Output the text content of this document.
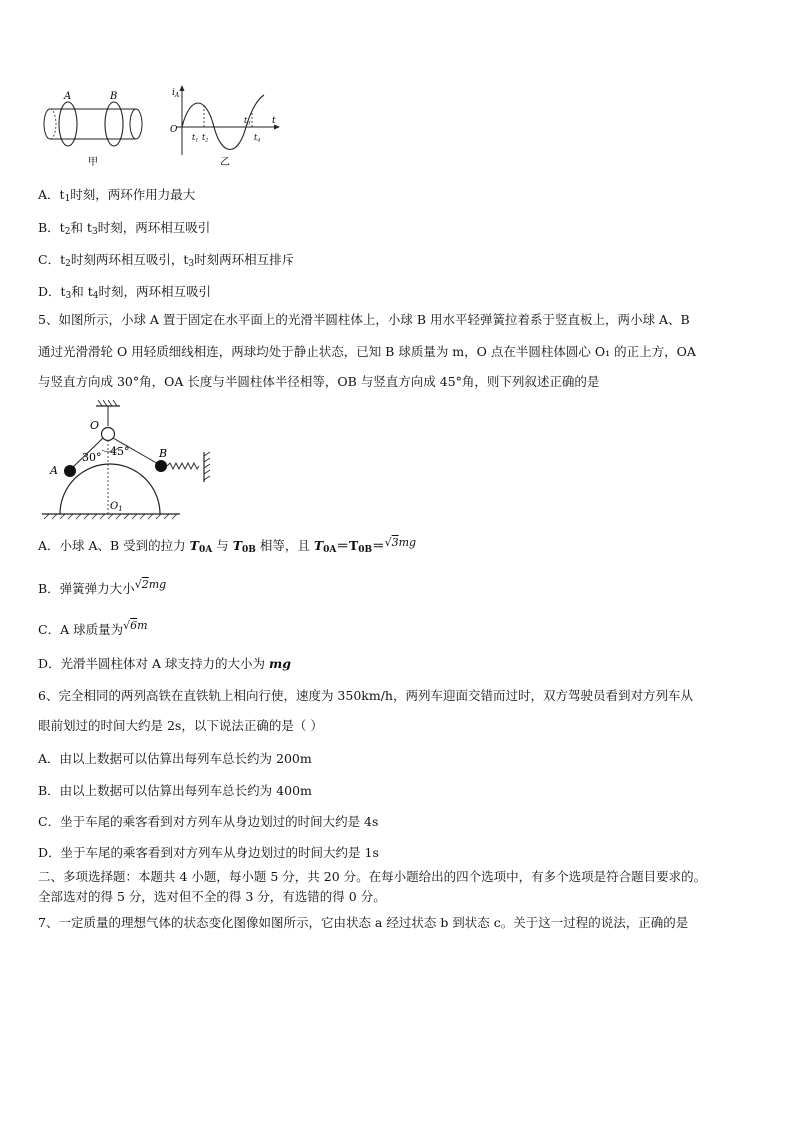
A	B
甲
$i_A$
t
O
t1 t2
t3
t4
乙
A．$t_1$时刻，两环作用力最大
B．$t_2$和 $t_3$时刻，两环相互吸引
C．$t_2$时刻两环相互吸引，$t_3$时刻两环相互排斥
D．$t_3$和 $t_4$时刻，两环相互吸引
5、如图所示，小球 A 置于固定在水平面上的光滑半圆柱体上，小球 B 用水平轻弹簧拉着系于竖直板上，两小球 A、B
通过光滑滑轮 O 用轻质细线相连，两球均处于静止状态，已知 B 球质量为 m，O 点在半圆柱体圆心 O₁ 的正上方，OA
与竖直方向成 30°角，OA 长度与半圆柱体半径相等，OB 与竖直方向成 45°角，则下列叙述正确的是
O
A
B
30° 45°
$O_1$
A．小球 A、B 受到的拉力 $T_{0A}$ 与 $T_{0B}$ 相等，且 $T_{0A}=T_{0B}=√3mg$
B．弹簧弹力大小√2mg
C．A 球质量为√6m
D．光滑半圆柱体对 A 球支持力的大小为 mg
6、完全相同的两列高铁在直铁轨上相向行使，速度为 350km/h，两列车迎面交错而过时，双方驾驶员看到对方列车从
眼前划过的时间大约是 2s，以下说法正确的是（ ）
A．由以上数据可以估算出每列车总长约为 200m
B．由以上数据可以估算出每列车总长约为 400m
C．坐于车尾的乘客看到对方列车从身边划过的时间大约是 4s
D．坐于车尾的乘客看到对方列车从身边划过的时间大约是 1s
二、多项选择题：本题共 4 小题，每小题 5 分，共 20 分。在每小题给出的四个选项中，有多个选项是符合题目要求的。
全部选对的得 5 分，选对但不全的得 3 分，有选错的得 0 分。
7、一定质量的理想气体的状态变化图像如图所示，它由状态 a 经过状态 b 到状态 c。关于这一过程的说法，正确的是
